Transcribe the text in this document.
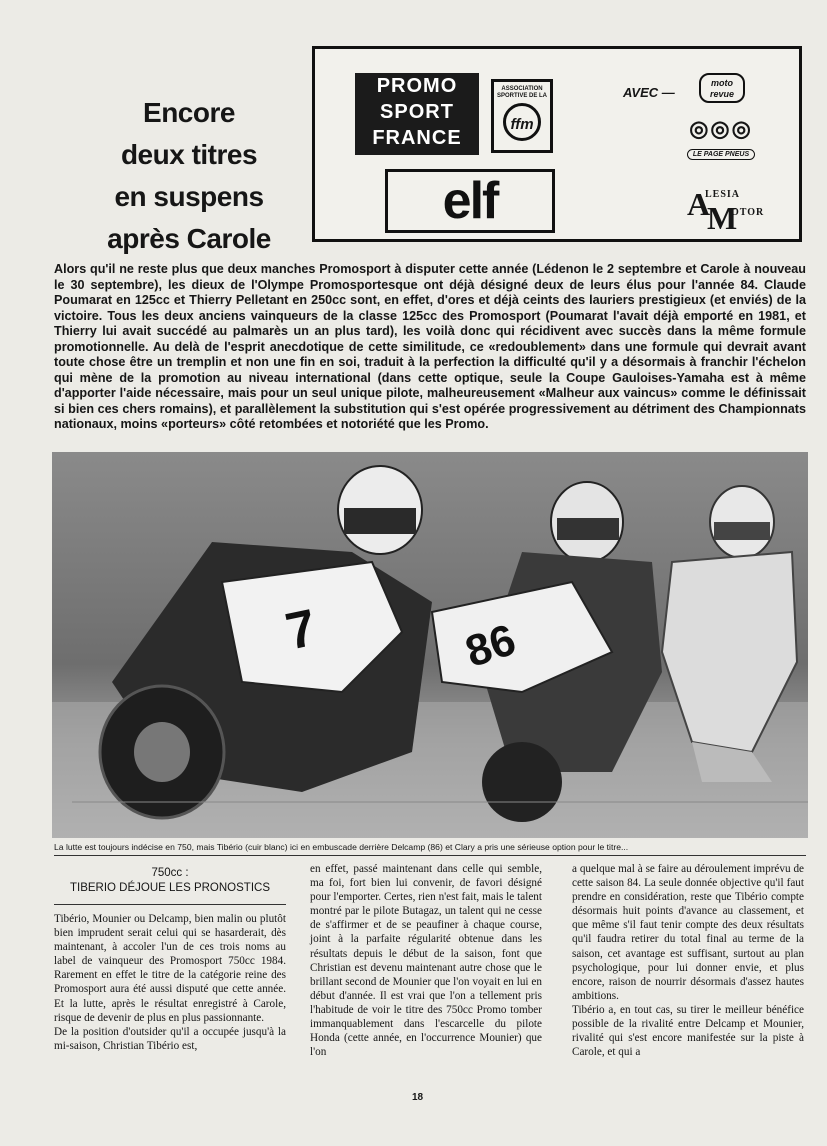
Encore
deux titres
en suspens
après Carole
PROMO
SPORT
FRANCE
ASSOCIATION SPORTIVE DE LA
ffm
elf
AVEC —
moto revue
◎◎◎
LE PAGE PNEUS
A
M
LESIA
OTOR

Alors qu'il ne reste plus que deux manches Promosport à disputer cette année (Lédenon le 2 septembre et Carole à nouveau le 30 septembre), les dieux de l'Olympe Promosportesque ont déjà désigné deux de leurs élus pour l'année 84. Claude Poumarat en 125cc et Thierry Pelletant en 250cc sont, en effet, d'ores et déjà ceints des lauriers prestigieux (et enviés) de la victoire. Tous les deux anciens vainqueurs de la classe 125cc des Promosport (Poumarat l'avait déjà emporté en 1981, et Thierry lui avait succédé au palmarès un an plus tard), les voilà donc qui récidivent avec succès dans la même formule promotionnelle. Au delà de l'esprit anecdotique de cette similitude, ce «redoublement» dans une formule qui devrait avant toute chose être un tremplin et non une fin en soi, traduit à la perfection la difficulté qu'il y a désormais à franchir l'échelon qui mène de la promotion au niveau international (dans cette optique, seule la Coupe Gauloises-Yamaha est à même d'apporter l'aide nécessaire, mais pour un seul unique pilote, malheureusement «Malheur aux vaincus» comme le définissait si bien ces chers romains), et parallèlement la substitution qui s'est opérée progressivement au détriment des Championnats nationaux, moins «porteurs» côté retombées et notoriété que les Promo.

86
7
La lutte est toujours indécise en 750, mais Tibério (cuir blanc) ici en embuscade derrière Delcamp (86) et Clary a pris une sérieuse option pour le titre...
750cc :
TIBERIO DÉJOUE LES PRONOSTICS

Tibério, Mounier ou Delcamp, bien malin ou plutôt bien imprudent serait celui qui se hasarderait, dès maintenant, à accoler l'un de ces trois noms au label de vainqueur des Promosport 750cc 1984. Rarement en effet le titre de la catégorie reine des Promosport aura été aussi disputé que cette année. Et la lutte, après le résultat enregistré à Carole, risque de devenir de plus en plus passionnante.

De la position d'outsider qu'il a occupée jusqu'à la mi-saison, Christian Tibério est,

en effet, passé maintenant dans celle qui semble, ma foi, fort bien lui convenir, de favori désigné pour l'emporter. Certes, rien n'est fait, mais le talent montré par le pilote Butagaz, un talent qui ne cesse de s'affirmer et de se peaufiner à chaque course, joint à la parfaite régularité obtenue dans les résultats depuis le début de la saison, font que Christian est devenu maintenant autre chose que le brillant second de Mounier que l'on voyait en lui en début d'année. Il est vrai que l'on a tellement pris l'habitude de voir le titre des 750cc Promo tomber immanquablement dans l'escarcelle du pilote Honda (cette année, en l'occurrence Mounier) que l'on

a quelque mal à se faire au déroulement imprévu de cette saison 84. La seule donnée objective qu'il faut prendre en considération, reste que Tibério compte désormais huit points d'avance au classement, et que même s'il faut tenir compte des deux résultats qu'il faudra retirer du total final au terme de la saison, cet avantage est suffisant, surtout au plan psychologique, pour lui donner envie, et plus encore, raison de nourrir désormais d'assez hautes ambitions.

Tibério a, en tout cas, su tirer le meilleur bénéfice possible de la rivalité entre Delcamp et Mounier, rivalité qui s'est encore manifestée sur la piste à Carole, et qui a

18
